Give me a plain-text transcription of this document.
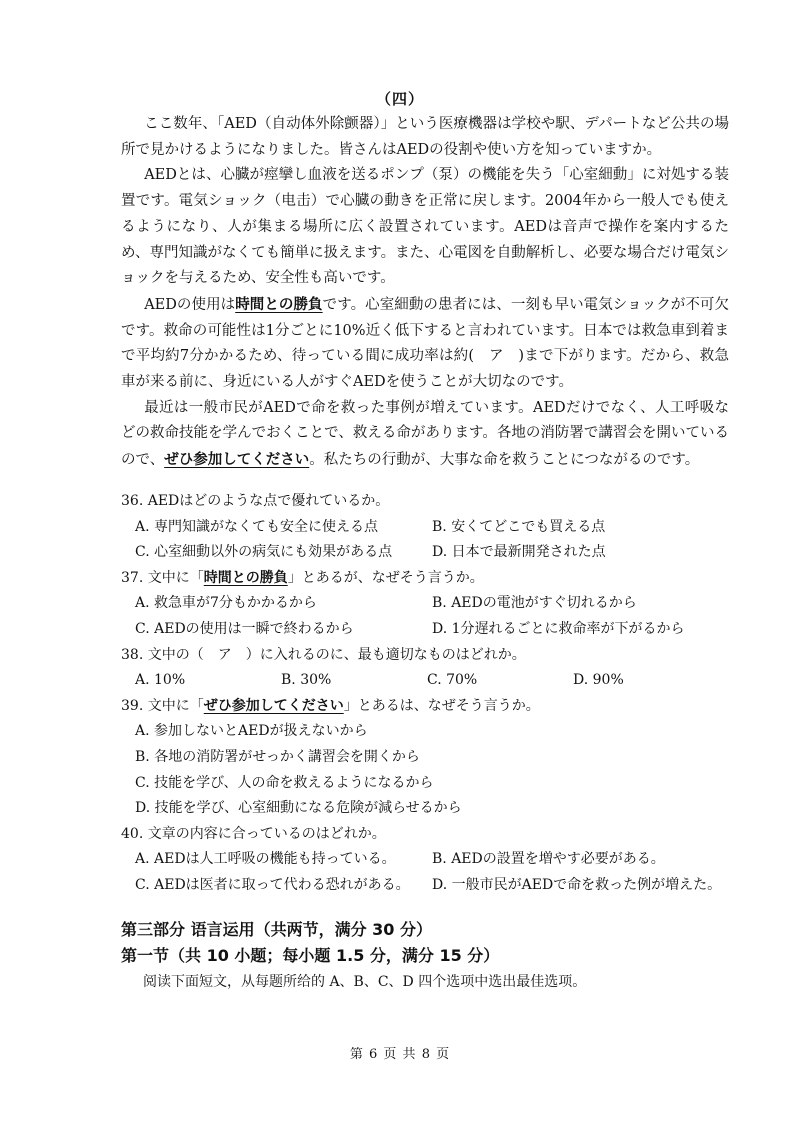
（四）

ここ数年、「AED（自动体外除颤器）」という医療機器は学校や駅、デパートなど公共の場所で見かけるようになりました。皆さんはAEDの役割や使い方を知っていますか。

AEDとは、心臓が痙攣し血液を送るポンプ（泵）の機能を失う「心室細動」に対処する装置です。電気ショック（电击）で心臓の動きを正常に戻します。2004年から一般人でも使えるようになり、人が集まる場所に広く設置されています。AEDは音声で操作を案内するため、専門知識がなくても簡単に扱えます。また、心電図を自動解析し、必要な場合だけ電気ショックを与えるため、安全性も高いです。

AEDの使用は時間との勝負です。心室細動の患者には、一刻も早い電気ショックが不可欠です。救命の可能性は1分ごとに10%近く低下すると言われています。日本では救急車到着まで平均約7分かかるため、待っている間に成功率は約(　ア　)まで下がります。だから、救急車が来る前に、身近にいる人がすぐAEDを使うことが大切なのです。

最近は一般市民がAEDで命を救った事例が増えています。AEDだけでなく、人工呼吸などの救命技能を学んでおくことで、救える命があります。各地の消防署で講習会を開いているので、ぜひ参加してください。私たちの行動が、大事な命を救うことにつながるのです。

36. AEDはどのような点で優れているか。

A. 専門知識がなくても安全に使える点	B. 安くてどこでも買える点
C. 心室細動以外の病気にも効果がある点	D. 日本で最新開発された点

37. 文中に「時間との勝負」とあるが、なぜそう言うか。

A. 救急車が7分もかかるから	B. AEDの電池がすぐ切れるから
C. AEDの使用は一瞬で終わるから	D. 1分遅れるごとに救命率が下がるから

38. 文中の（　ア　）に入れるのに、最も適切なものはどれか。

A. 10%	B. 30%	C. 70%	D. 90%

39. 文中に「ぜひ参加してください」とあるは、なぜそう言うか。

A. 参加しないとAEDが扱えないから
B. 各地の消防署がせっかく講習会を開くから
C. 技能を学び、人の命を救えるようになるから
D. 技能を学び、心室細動になる危険が減らせるから

40. 文章の内容に合っているのはどれか。

A. AEDは人工呼吸の機能も持っている。	B. AEDの設置を増やす必要がある。
C. AEDは医者に取って代わる恐れがある。	D. 一般市民がAEDで命を救った例が増えた。
第三部分 语言运用（共两节，满分 30 分）
第一节（共 10 小题；每小题 1.5 分，满分 15 分）
阅读下面短文，从每题所给的 A、B、C、D 四个选项中选出最佳选项。
第 6 页 共 8 页
